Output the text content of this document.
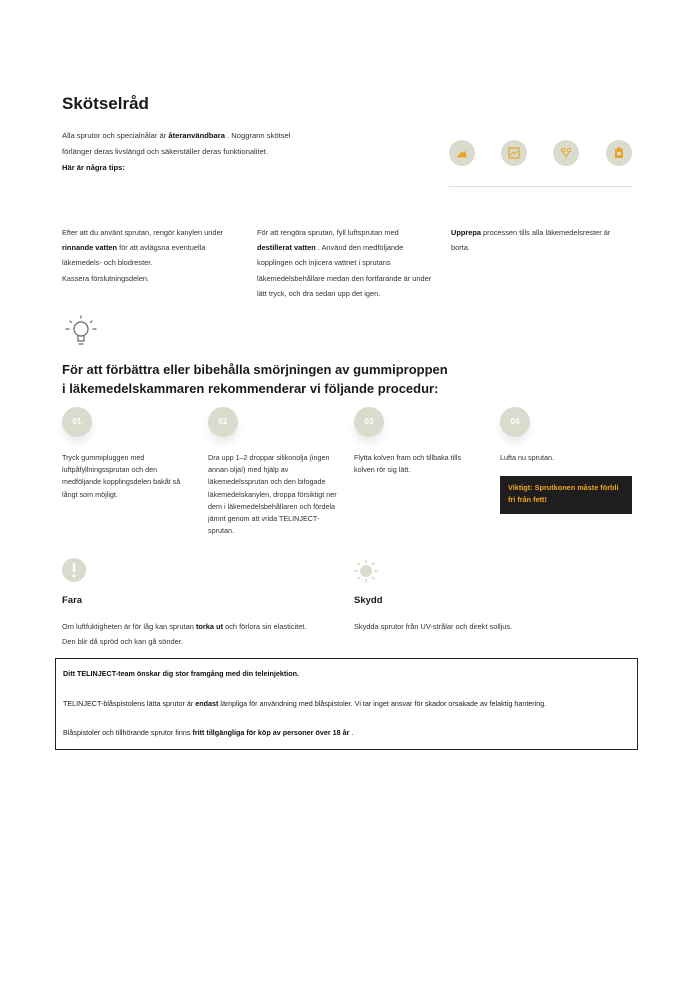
Skötselråd
Alla sprutor och specialnålar är återanvändbara . Noggrann skötsel förlänger deras livslängd och säkerställer deras funktionalitet.
Här är några tips:
Efter att du använt sprutan, rengör kanylen under rinnande vatten för att avlägsna eventuella läkemedels- och blodrester.
Kassera förslutningsdelen.
För att rengöra sprutan, fyll luftsprutan med destillerat vatten . Använd den medföljande kopplingen och injicera vattnet i sprutans läkemedelsbehållare medan den fortfarande är under lätt tryck, och dra sedan upp det igen.
Upprepa processen tills alla läkemedelsrester är borta.
För att förbättra eller bibehålla smörjningen av gummiproppen i läkemedelskammaren rekommenderar vi följande procedur:
01	02	03	04
Tryck gummipluggen med luftpåfyllningssprutan och den medföljande kopplingsdelen bakåt så långt som möjligt.
Dra upp 1–2 droppar silikonolja (ingen annan olja!) med hjälp av läkemedelssprutan och den bifogade läkemedelskanylen, droppa försiktigt ner dem i läkemedelsbehållaren och fördela jämnt genom att vrida TELINJECT-sprutan.
Flytta kolven fram och tillbaka tills kolven rör sig lätt.
Lufta nu sprutan.
Viktigt: Sprutkonen måste förbli fri från fett!
Fara	Skydd
Om luftfuktigheten är för låg kan sprutan torka ut och förlora sin elasticitet. Den blir då spröd och kan gå sönder.
Skydda sprutor från UV-strålar och direkt solljus.
Ditt TELINJECT-team önskar dig stor framgång med din teleinjektion.
TELINJECT-blåspistolens lätta sprutor är endast lämpliga för användning med blåspistoler. Vi tar inget ansvar för skador orsakade av felaktig hantering.
Blåspistoler och tillhörande sprutor finns fritt tillgängliga för köp av personer över 18 år .
